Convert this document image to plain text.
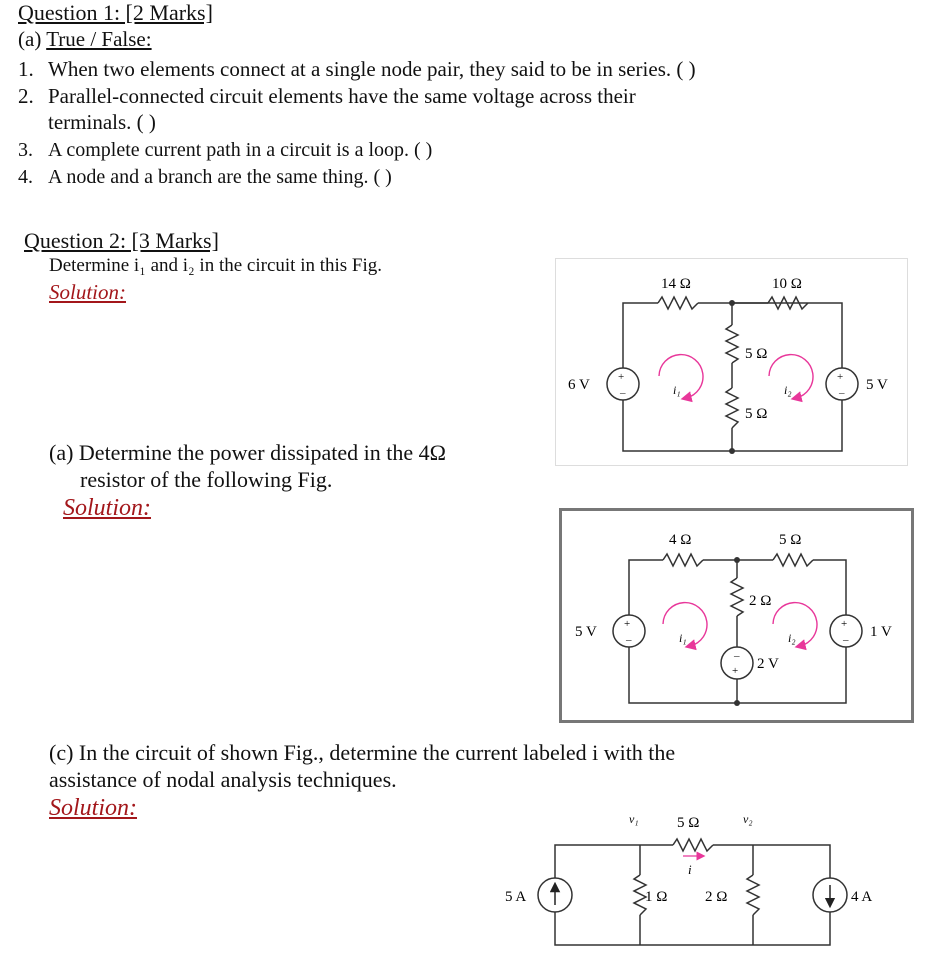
Question 1: [2 Marks]
(a) True / False:
1. When two elements connect at a single node pair, they said to be in series. ( )
2. Parallel-connected circuit elements have the same voltage across their
terminals. ( )
3. A complete current path in a circuit is a loop. ( )
4. A node and a branch are the same thing. ( )
Question 2: [3 Marks]
Determine i₁ and i₂ in the circuit in this Fig.
Solution:
(a) Determine the power dissipated in the 4Ω
resistor of the following Fig.
Solution:
(c) In the circuit of shown Fig., determine the current labeled i with the
assistance of nodal analysis techniques.
Solution:
+
–
+
–
14 Ω	10 Ω
5 Ω
5 Ω
6 V	5 V
i₁	i₂
+
–
+
–
–
+
4 Ω	5 Ω
2 Ω
5 V	1 V
2 V
i₁	i₂
v₁	v₂
5 Ω
i
1 Ω	2 Ω
5 A	4 A
